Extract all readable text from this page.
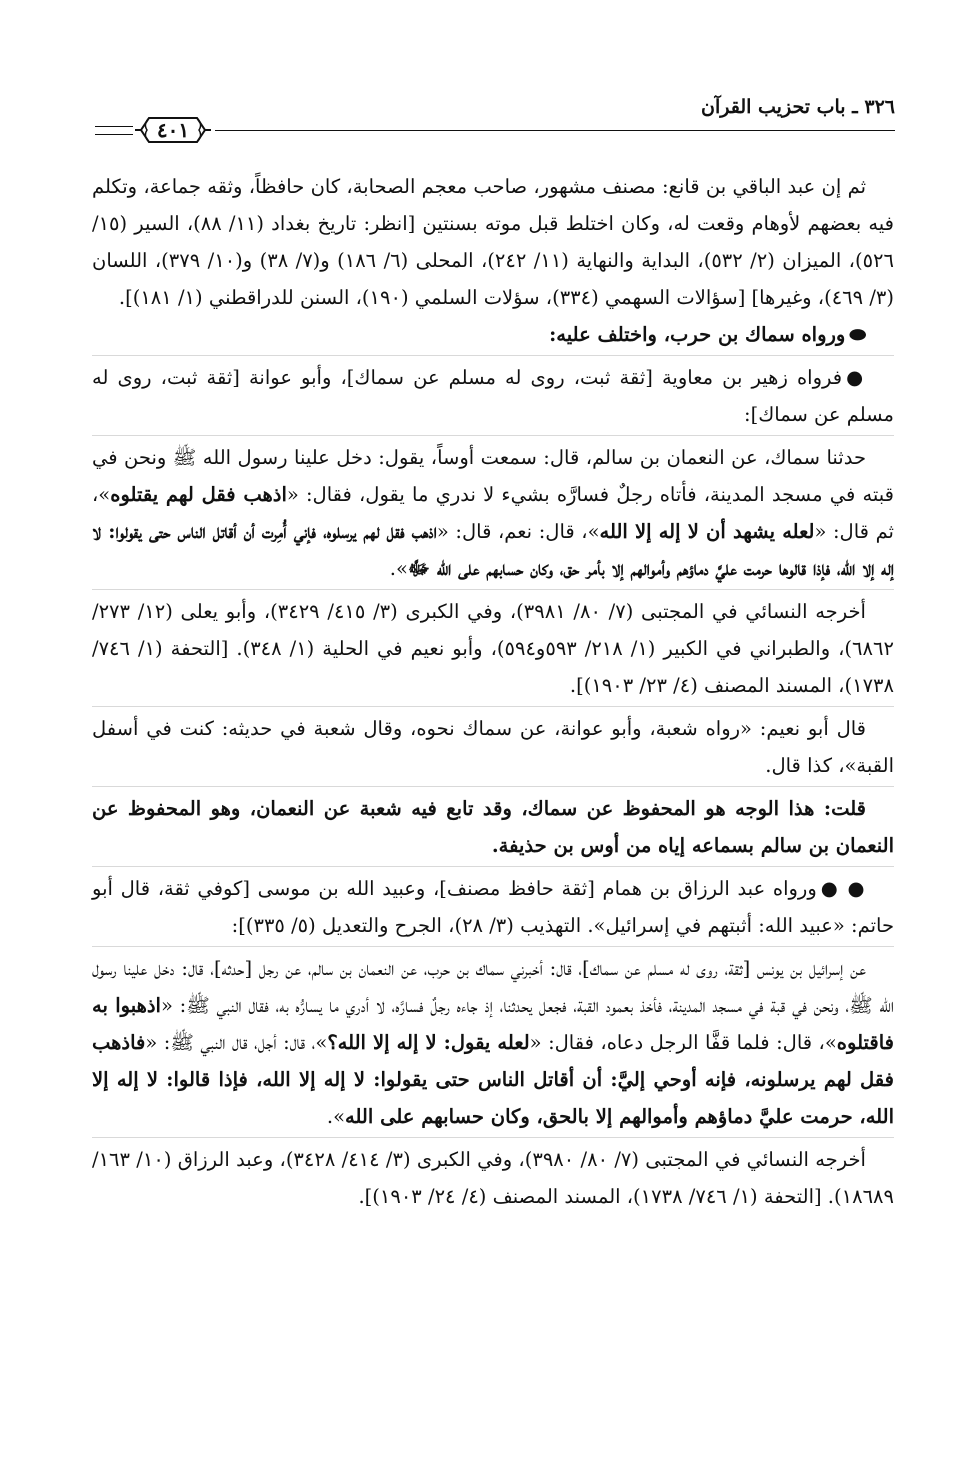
٣٢٦ ـ باب تحزيب القرآن
٤٠١

ثم إن عبد الباقي بن قانع: مصنف مشهور، صاحب معجم الصحابة، كان حافظاً، وثقه جماعة، وتكلم فيه بعضهم لأوهام وقعت له، وكان اختلط قبل موته بسنتين [انظر: تاريخ بغداد (١١/ ٨٨)، السير (١٥/ ٥٢٦)، الميزان (٢/ ٥٣٢)، البداية والنهاية (١١/ ٢٤٢)، المحلى (٦/ ١٨٦) و(٧/ ٣٨) و(١٠/ ٣٧٩)، اللسان (٣/ ٤٦٩)، وغيرها] [سؤالات السهمي (٣٣٤)، سؤلات السلمي (١٩٠)، السنن للدراقطني (١/ ١٨١)].

⬬ورواه سماك بن حرب، واختلف عليه:

●فرواه زهير بن معاوية [ثقة ثبت، روى له مسلم عن سماك]، وأبو عوانة [ثقة ثبت، روى له مسلم عن سماك]:

حدثنا سماك، عن النعمان بن سالم، قال: سمعت أوساً، يقول: دخل علينا رسول الله ﷺ ونحن في قبته في مسجد المدينة، فأتاه رجلٌ فسارَّه بشيء لا ندري ما يقول، فقال: «اذهب فقل لهم يقتلوه»، ثم قال: «لعله يشهد أن لا إله إلا الله»، قال: نعم، قال: «اذهب فقل لهم يرسلوه، فإني أُمِرت أن أقاتل الناس حتى يقولوا: لا إله إلا الله، فإذا قالوها حرمت عليَّ دماؤهم وأموالهم إلا بأمر حق، وكان حسابهم على الله ﷻ».

أخرجه النسائي في المجتبى (٧/ ٨٠/ ٣٩٨١)، وفي الكبرى (٣/ ٤١٥/ ٣٤٢٩)، وأبو يعلى (١٢/ ٢٧٣/ ٦٨٦٢)، والطبراني في الكبير (١/ ٢١٨/ ٥٩٣و٥٩٤)، وأبو نعيم في الحلية (١/ ٣٤٨). [التحفة (١/ ٧٤٦/ ١٧٣٨)، المسند المصنف (٤/ ٢٣/ ١٩٠٣)].

قال أبو نعيم: «رواه شعبة، وأبو عوانة، عن سماك نحوه، وقال شعبة في حديثه: كنت في أسفل القبة»، كذا قال.

قلت: هذا الوجه هو المحفوظ عن سماك، وقد تابع فيه شعبة عن النعمان، وهو المحفوظ عن النعمان بن سالم بسماعه إياه من أوس بن حذيفة.

● ●ورواه عبد الرزاق بن همام [ثقة حافظ مصنف]، وعبيد الله بن موسى [كوفي ثقة، قال أبو حاتم: «عبيد الله: أثبتهم في إسرائيل». التهذيب (٣/ ٢٨)، الجرح والتعديل (٥/ ٣٣٥)]:

عن إسرائيل بن يونس [ثقة، روى له مسلم عن سماك]، قال: أخبرني سماك بن حرب، عن النعمان بن سالم، عن رجل [حدثه]، قال: دخل علينا رسول الله ﷺ، ونحن في قبة في مسجد المدينة، فأخذ بعمود القبة، فجعل يحدثنا، إذ جاءه رجلٌ فسارَّه، لا أدري ما يسارُّه به، فقال النبي ﷺ: «اذهبوا به فاقتلوه»، قال: فلما قفَّا الرجل دعاه، فقال: «لعله يقول: لا إله إلا الله؟»، قال: أجل، قال النبي ﷺ: «فاذهب فقل لهم يرسلونه، فإنه أوحي إليَّ: أن أقاتل الناس حتى يقولوا: لا إله إلا الله، فإذا قالوا: لا إله إلا الله، حرمت عليَّ دماؤهم وأموالهم إلا بالحق، وكان حسابهم على الله».

أخرجه النسائي في المجتبى (٧/ ٨٠/ ٣٩٨٠)، وفي الكبرى (٣/ ٤١٤/ ٣٤٢٨)، وعبد الرزاق (١٠/ ١٦٣/ ١٨٦٨٩). [التحفة (١/ ٧٤٦/ ١٧٣٨)، المسند المصنف (٤/ ٢٤/ ١٩٠٣)].
